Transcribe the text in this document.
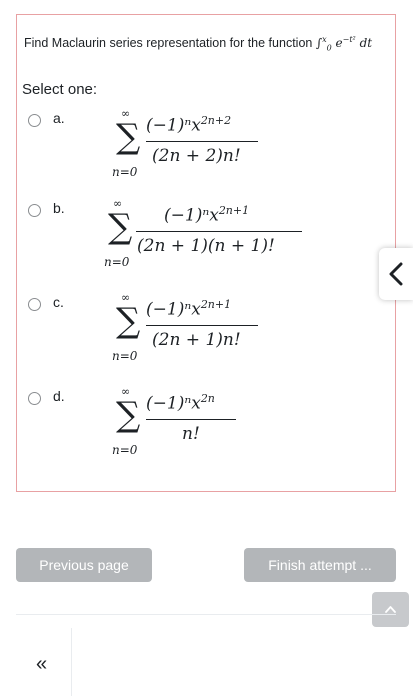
Find Maclaurin series representation for the function ∫$^x_0$ $e^{-t^2}$ dt
Select one:
a.	∞
∑
n=0
(−1)ⁿx$^{2n+2}$
(2n + 2)n!
b.	∞
∑
n=0
(−1)ⁿx$^{2n+1}$
(2n + 1)(n + 1)!
c.	∞
∑
n=0
(−1)ⁿx$^{2n+1}$
(2n + 1)n!
d.	∞
∑
n=0
(−1)ⁿx$^{2n}$
n!
Previous page	Finish attempt ...
«
